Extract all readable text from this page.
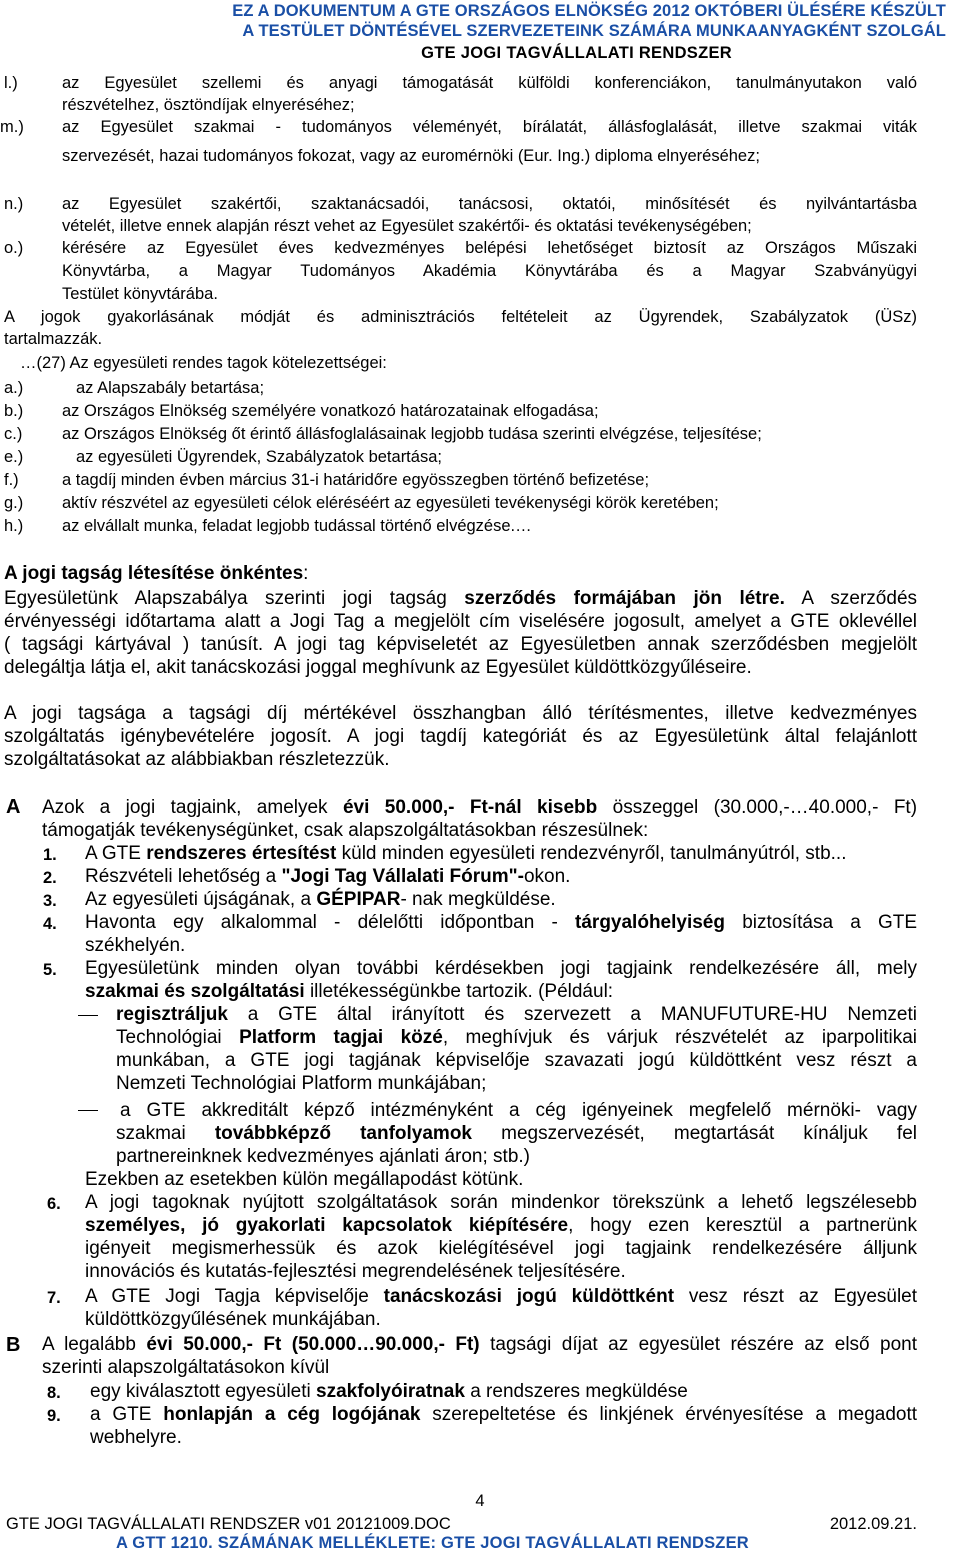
EZ A DOKUMENTUM A GTE ORSZÁGOS ELNÖKSÉG 2012 OKTÓBERI ÜLÉSÉRE KÉSZÜLT
A TESTÜLET DÖNTÉSÉVEL SZERVEZETEINK SZÁMÁRA MUNKAANYAGKÉNT SZOLGÁL
GTE JOGI TAGVÁLLALATI RENDSZER
l.)	az Egyesület szellemi és anyagi támogatását külföldi konferenciákon, tanulmányutakon való
részvételhez, ösztöndíjak elnyeréséhez;
m.) az Egyesület szakmai - tudományos véleményét, bírálatát, állásfoglalását, illetve szakmai viták
szervezését, hazai tudományos fokozat, vagy az euromérnöki (Eur. Ing.) diploma elnyeréséhez;
n.) az Egyesület szakértői, szaktanácsadói, tanácsosi, oktatói, minősítését és nyilvántartásba
vételét, illetve ennek alapján részt vehet az Egyesület szakértői- és oktatási tevékenységében;
o.) kérésére az Egyesület éves kedvezményes belépési lehetőséget biztosít az Országos Műszaki
Könyvtárba, a Magyar Tudományos Akadémia Könyvtárába és a Magyar Szabványügyi
Testület könyvtárába.
A jogok gyakorlásának módját és adminisztrációs feltételeit az Ügyrendek, Szabályzatok (ÜSz)
tartalmazzák.
…(27) Az egyesületi rendes tagok kötelezettségei:
a.)	az Alapszabály betartása;
b.) az Országos Elnökség személyére vonatkozó határozatainak elfogadása;
c.) az Országos Elnökség őt érintő állásfoglalásainak legjobb tudása szerinti elvégzése, teljesítése;
e.)	az egyesületi Ügyrendek, Szabályzatok betartása;
f.)	a tagdíj minden évben március 31-i határidőre egyösszegben történő befizetése;
g.) aktív részvétel az egyesületi célok eléréséért az egyesületi tevékenységi körök keretében;
h.) az elvállalt munka, feladat legjobb tudással történő elvégzése.…
A jogi tagság létesítése önkéntes:
Egyesületünk Alapszabálya szerinti jogi tagság szerződés formájában jön létre. A szerződés
érvényességi időtartama alatt a Jogi Tag a megjelölt cím viselésére jogosult, amelyet a GTE oklevéllel
( tagsági kártyával ) tanúsít. A jogi tag képviseletét az Egyesületben annak szerződésben megjelölt
delegáltja látja el, akit tanácskozási joggal meghívunk az Egyesület küldöttközgyűléseire.
A jogi tagsága a tagsági díj mértékével összhangban álló térítésmentes, illetve kedvezményes
szolgáltatás igénybevételére jogosít. A jogi tagdíj kategóriát és az Egyesületünk által felajánlott
szolgáltatásokat az alábbiakban részletezzük.
A Azok a jogi tagjaink, amelyek évi 50.000,- Ft-nál kisebb összeggel (30.000,-…40.000,- Ft)
támogatják tevékenységünket, csak alapszolgáltatásokban részesülnek:
1. A GTE rendszeres értesítést küld minden egyesületi rendezvényről, tanulmányútról, stb...
2. Részvételi lehetőség a "Jogi Tag Vállalati Fórum"-okon.
3. Az egyesületi újságának, a GÉPIPAR- nak megküldése.
4. Havonta egy alkalommal - délelőtti időpontban - tárgyalóhelyiség biztosítása a GTE
székhelyén.
5. Egyesületünk minden olyan további kérdésekben jogi tagjaink rendelkezésére áll, mely
szakmai és szolgáltatási illetékességünkbe tartozik. (Például:
regisztráljuk a GTE által irányított és szervezett a MANUFUTURE-HU Nemzeti
Technológiai Platform tagjai közé, meghívjuk és várjuk részvételét az iparpolitikai
munkában, a GTE jogi tagjának képviselője szavazati jogú küldöttként vesz részt a
Nemzeti Technológiai Platform munkájában;
a GTE akkreditált képző intézményként a cég igényeinek megfelelő mérnöki- vagy
szakmai továbbképző tanfolyamok megszervezését, megtartását kínáljuk fel
partnereinknek kedvezményes ajánlati áron; stb.)
Ezekben az esetekben külön megállapodást kötünk.
6. A jogi tagoknak nyújtott szolgáltatások során mindenkor törekszünk a lehető legszélesebb
személyes, jó gyakorlati kapcsolatok kiépítésére, hogy ezen keresztül a partnerünk
igényeit megismerhessük és azok kielégítésével jogi tagjaink rendelkezésére álljunk
innovációs és kutatás-fejlesztési megrendelésének teljesítésére.
7. A GTE Jogi Tagja képviselője tanácskozási jogú küldöttként vesz részt az Egyesület
küldöttközgyűlésének munkájában.
B A legalább évi 50.000,- Ft (50.000…90.000,- Ft) tagsági díjat az egyesület részére az első pont
szerinti alapszolgáltatásokon kívül
8. egy kiválasztott egyesületi szakfolyóiratnak a rendszeres megküldése
9. a GTE honlapján a cég logójának szerepeltetése és linkjének érvényesítése a megadott
webhelyre.
4
GTE JOGI TAGVÁLLALATI RENDSZER v01 20121009.DOC	2012.09.21.
A GTT 1210. SZÁMÁNAK MELLÉKLETE: GTE JOGI TAGVÁLLALATI RENDSZER
